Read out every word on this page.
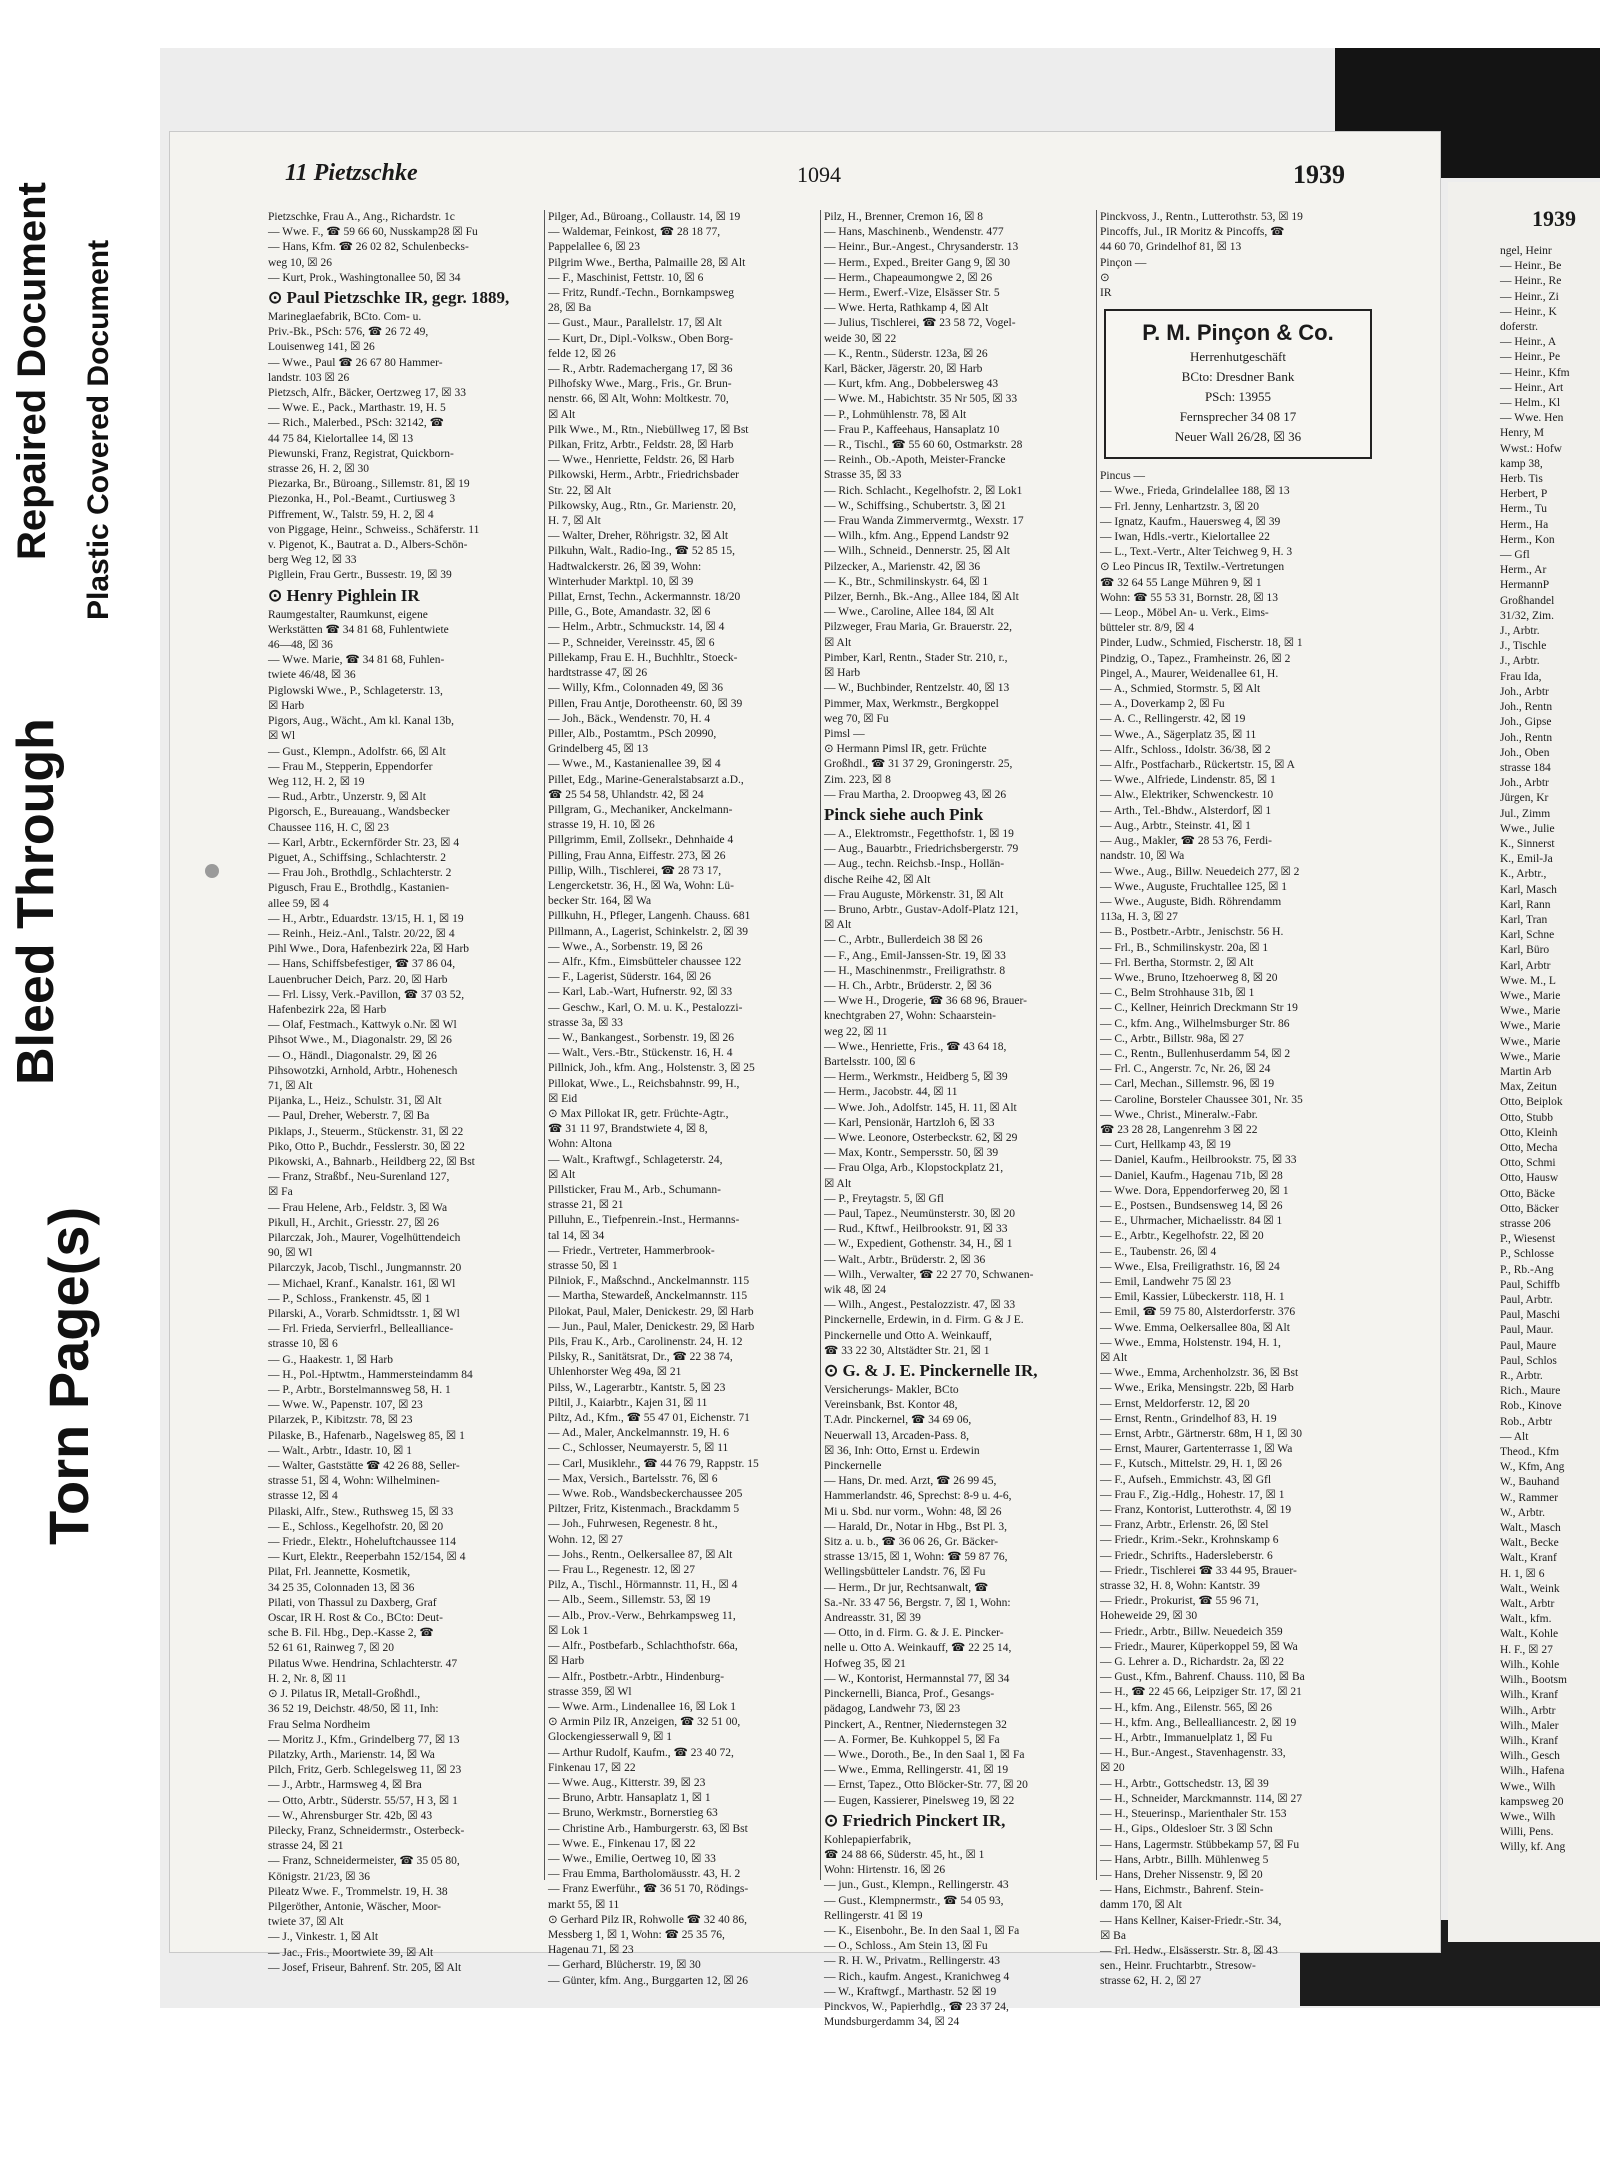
Plastic Covered Document
Repaired Document
Bleed Through
Torn Page(s)
1939

ngel, Heinr

— Heinr., Be

— Heinr., Re

— Heinr., Zi

— Heinr., K

doferstr.

— Heinr., A

— Heinr., Pe

— Heinr., Kfm

— Heinr., Art

— Helm., Kl

— Wwe. Hen

Henry, M

Wwst.: Hofw

kamp 38,

Herb. Tis

Herbert, P

Herm., Tu

Herm., Ha

Herm., Kon

— Gfl

Herm., Ar

HermannP

Großhandel

31/32, Zim.

J., Arbtr.

J., Tischle

J., Arbtr.

Frau Ida,

Joh., Arbtr

Joh., Rentn

Joh., Gipse

Joh., Rentn

Joh., Oben

strasse 184

Joh., Arbtr

Jürgen, Kr

Jul., Zimm

Wwe., Julie

K., Sinnerst

K., Emil-Ja

K., Arbtr.,

Karl, Masch

Karl, Rann

Karl, Tran

Karl, Schne

Karl, Büro

Karl, Arbtr

Wwe. M., L

Wwe., Marie

Wwe., Marie

Wwe., Marie

Wwe., Marie

Wwe., Marie

Martin Arb

Max, Zeitun

Otto, Beiplok

Otto, Stubb

Otto, Kleinh

Otto, Mecha

Otto, Schmi

Otto, Hausw

Otto, Bäcke

Otto, Bäcker

strasse 206

P., Wiesenst

P., Schlosse

P., Rb.-Ang

Paul, Schiffb

Paul, Arbtr.

Paul, Maschi

Paul, Maur.

Paul, Maure

Paul, Schlos

R., Arbtr.

Rich., Maure

Rob., Kinove

Rob., Arbtr

— Alt

Theod., Kfm

W., Kfm, Ang

W., Bauhand

W., Rammer

W., Arbtr.

Walt., Masch

Walt., Becke

Walt., Kranf

H. 1, ☒ 6

Walt., Weink

Walt., Arbtr

Walt., kfm.

Walt., Kohle

H. F., ☒ 27

Wilh., Kohle

Wilh., Bootsm

Wilh., Kranf

Wilh., Arbtr

Wilh., Maler

Wilh., Kranf

Wilh., Gesch

Wilh., Hafena

Wwe., Wilh

kampsweg 20

Wwe., Wilh

Willi, Pens.

Willy, kf. Ang

11 Pietzschke	1094	1939

Pietzschke, Frau A., Ang., Richardstr. 1c

— Wwe. F., ☎ 59 66 60, Nusskamp28 ☒ Fu

— Hans, Kfm. ☎ 26 02 82, Schulenbecks-

weg 10, ☒ 26

— Kurt, Prok., Washingtonallee 50, ☒ 34

⊙ Paul Pietzschke IR, gegr. 1889,

Marineglaefabrik, BCto. Com- u.

Priv.-Bk., PSch: 576, ☎ 26 72 49,

Louisenweg 141, ☒ 26

— Wwe., Paul ☎ 26 67 80 Hammer-

landstr. 103 ☒ 26

Pietzsch, Alfr., Bäcker, Oertzweg 17, ☒ 33

— Wwe. E., Pack., Marthastr. 19, H. 5

— Rich., Malerbed., PSch: 32142, ☎

44 75 84, Kielortallee 14, ☒ 13

Piewunski, Franz, Registrat, Quickborn-

strasse 26, H. 2, ☒ 30

Piezarka, Br., Büroang., Sillemstr. 81, ☒ 19

Piezonka, H., Pol.-Beamt., Curtiusweg 3

Piffrement, W., Talstr. 59, H. 2, ☒ 4

von Piggage, Heinr., Schweiss., Schäferstr. 11

v. Pigenot, K., Bautrat a. D., Albers-Schön-

berg Weg 12, ☒ 33

Pigllein, Frau Gertr., Bussestr. 19, ☒ 39

⊙ Henry Pighlein IR

Raumgestalter, Raumkunst, eigene

Werkstätten ☎ 34 81 68, Fuhlentwiete

46—48, ☒ 36

— Wwe. Marie, ☎ 34 81 68, Fuhlen-

twiete 46/48, ☒ 36

Piglowski Wwe., P., Schlageterstr. 13,

☒ Harb

Pigors, Aug., Wächt., Am kl. Kanal 13b,

☒ Wl

— Gust., Klempn., Adolfstr. 66, ☒ Alt

— Frau M., Stepperin, Eppendorfer

Weg 112, H. 2, ☒ 19

— Rud., Arbtr., Unzerstr. 9, ☒ Alt

Pigorsch, E., Bureauang., Wandsbecker

Chaussee 116, H. C, ☒ 23

— Karl, Arbtr., Eckernförder Str. 23, ☒ 4

Piguet, A., Schiffsing., Schlachterstr. 2

— Frau Joh., Brothdlg., Schlachterstr. 2

Pigusch, Frau E., Brothdlg., Kastanien-

allee 59, ☒ 4

— H., Arbtr., Eduardstr. 13/15, H. 1, ☒ 19

— Reinh., Heiz.-Anl., Talstr. 20/22, ☒ 4

Pihl Wwe., Dora, Hafenbezirk 22a, ☒ Harb

— Hans, Schiffsbefestiger, ☎ 37 86 04,

Lauenbrucher Deich, Parz. 20, ☒ Harb

— Frl. Lissy, Verk.-Pavillon, ☎ 37 03 52,

Hafenbezirk 22a, ☒ Harb

— Olaf, Festmach., Kattwyk o.Nr. ☒ Wl

Pihsot Wwe., M., Diagonalstr. 29, ☒ 26

— O., Händl., Diagonalstr. 29, ☒ 26

Pihsowotzki, Arnhold, Arbtr., Hohenesch

71, ☒ Alt

Pijanka, L., Heiz., Schulstr. 31, ☒ Alt

— Paul, Dreher, Weberstr. 7, ☒ Ba

Piklaps, J., Steuerm., Stückenstr. 31, ☒ 22

Piko, Otto P., Buchdr., Fesslerstr. 30, ☒ 22

Pikowski, A., Bahnarb., Heildberg 22, ☒ Bst

— Franz, Straßbf., Neu-Surenland 127,

☒ Fa

— Frau Helene, Arb., Feldstr. 3, ☒ Wa

Pikull, H., Archit., Griesstr. 27, ☒ 26

Pilarczak, Joh., Maurer, Vogelhüttendeich

90, ☒ Wl

Pilarczyk, Jacob, Tischl., Jungmannstr. 20

— Michael, Kranf., Kanalstr. 161, ☒ Wl

— P., Schloss., Frankenstr. 45, ☒ 1

Pilarski, A., Vorarb. Schmidtsstr. 1, ☒ Wl

— Frl. Frieda, Servierfrl., Bellealliance-

strasse 10, ☒ 6

— G., Haakestr. 1, ☒ Harb

— H., Pol.-Hptwtm., Hammersteindamm 84

— P., Arbtr., Borstelmannsweg 58, H. 1

— Wwe. W., Papenstr. 107, ☒ 23

Pilarzek, P., Kibitzstr. 78, ☒ 23

Pilaske, B., Hafenarb., Nagelsweg 85, ☒ 1

— Walt., Arbtr., Idastr. 10, ☒ 1

— Walter, Gaststätte ☎ 42 26 88, Seller-

strasse 51, ☒ 4, Wohn: Wilhelminen-

strasse 12, ☒ 4

Pilaski, Alfr., Stew., Ruthsweg 15, ☒ 33

— E., Schloss., Kegelhofstr. 20, ☒ 20

— Friedr., Elektr., Hoheluftchaussee 114

— Kurt, Elektr., Reeperbahn 152/154, ☒ 4

Pilat, Frl. Jeannette, Kosmetik,

34 25 35, Colonnaden 13, ☒ 36

Pilati, von Thassul zu Daxberg, Graf

Oscar, IR H. Rost & Co., BCto: Deut-

sche B. Fil. Hbg., Dep.-Kasse 2, ☎

52 61 61, Rainweg 7, ☒ 20

Pilatus Wwe. Hendrina, Schlachterstr. 47

H. 2, Nr. 8, ☒ 11

⊙ J. Pilatus IR, Metall-Großhdl.,

36 52 19, Deichstr. 48/50, ☒ 11, Inh:

Frau Selma Nordheim

— Moritz J., Kfm., Grindelberg 77, ☒ 13

Pilatzky, Arth., Marienstr. 14, ☒ Wa

Pilch, Fritz, Gerb. Schlegelsweg 11, ☒ 23

— J., Arbtr., Harmsweg 4, ☒ Bra

— Otto, Arbtr., Süderstr. 55/57, H 3, ☒ 1

— W., Ahrensburger Str. 42b, ☒ 43

Pilecky, Franz, Schneidermstr., Osterbeck-

strasse 24, ☒ 21

— Franz, Schneidermeister, ☎ 35 05 80,

Königstr. 21/23, ☒ 36

Pileatz Wwe. F., Trommelstr. 19, H. 38

Pilgeröther, Antonie, Wäscher, Moor-

twiete 37, ☒ Alt

— J., Vinkestr. 1, ☒ Alt

— Jac., Fris., Moortwiete 39, ☒ Alt

— Josef, Friseur, Bahrenf. Str. 205, ☒ Alt

Pilger, Ad., Büroang., Collaustr. 14, ☒ 19

— Waldemar, Feinkost, ☎ 28 18 77,

Pappelallee 6, ☒ 23

Pilgrim Wwe., Bertha, Palmaille 28, ☒ Alt

— F., Maschinist, Fettstr. 10, ☒ 6

— Fritz, Rundf.-Techn., Bornkampsweg

28, ☒ Ba

— Gust., Maur., Parallelstr. 17, ☒ Alt

— Kurt, Dr., Dipl.-Volksw., Oben Borg-

felde 12, ☒ 26

— R., Arbtr. Rademachergang 17, ☒ 36

Pilhofsky Wwe., Marg., Fris., Gr. Brun-

nenstr. 66, ☒ Alt, Wohn: Moltkestr. 70,

☒ Alt

Pilk Wwe., M., Rtn., Niebüllweg 17, ☒ Bst

Pilkan, Fritz, Arbtr., Feldstr. 28, ☒ Harb

— Wwe., Henriette, Feldstr. 26, ☒ Harb

Pilkowski, Herm., Arbtr., Friedrichsbader

Str. 22, ☒ Alt

Pilkowsky, Aug., Rtn., Gr. Marienstr. 20,

H. 7, ☒ Alt

— Walter, Dreher, Röhrigstr. 32, ☒ Alt

Pilkuhn, Walt., Radio-Ing., ☎ 52 85 15,

Hadtwalckerstr. 26, ☒ 39, Wohn:

Winterhuder Marktpl. 10, ☒ 39

Pillat, Ernst, Techn., Ackermannstr. 18/20

Pille, G., Bote, Amandastr. 32, ☒ 6

— Helm., Arbtr., Schmuckstr. 14, ☒ 4

— P., Schneider, Vereinsstr. 45, ☒ 6

Pillekamp, Frau E. H., Buchhltr., Stoeck-

hardtstrasse 47, ☒ 26

— Willy, Kfm., Colonnaden 49, ☒ 36

Pillen, Frau Antje, Dorotheenstr. 60, ☒ 39

— Joh., Bäck., Wendenstr. 70, H. 4

Piller, Alb., Postamtm., PSch 20990,

Grindelberg 45, ☒ 13

— Wwe., M., Kastanienallee 39, ☒ 4

Pillet, Edg., Marine-Generalstabsarzt a.D.,

☎ 25 54 58, Uhlandstr. 42, ☒ 24

Pillgram, G., Mechaniker, Anckelmann-

strasse 19, H. 10, ☒ 26

Pillgrimm, Emil, Zollsekr., Dehnhaide 4

Pilling, Frau Anna, Eiffestr. 273, ☒ 26

Pillip, Wilh., Tischlerei, ☎ 28 73 17,

Lengercketstr. 36, H., ☒ Wa, Wohn: Lü-

becker Str. 164, ☒ Wa

Pillkuhn, H., Pfleger, Langenh. Chauss. 681

Pillmann, A., Lagerist, Schinkelstr. 2, ☒ 39

— Wwe., A., Sorbenstr. 19, ☒ 26

— Alfr., Kfm., Eimsbütteler chaussee 122

— F., Lagerist, Süderstr. 164, ☒ 26

— Karl, Lab.-Wart, Hufnerstr. 92, ☒ 33

— Geschw., Karl, O. M. u. K., Pestalozzi-

strasse 3a, ☒ 33

— W., Bankangest., Sorbenstr. 19, ☒ 26

— Walt., Vers.-Btr., Stückenstr. 16, H. 4

Pillnick, Joh., kfm. Ang., Holstenstr. 3, ☒ 25

Pillokat, Wwe., L., Reichsbahnstr. 99, H.,

☒ Eid

⊙ Max Pillokat IR, getr. Früchte-Agtr.,

☎ 31 11 97, Brandstwiete 4, ☒ 8,

Wohn: Altona

— Walt., Kraftwgf., Schlageterstr. 24,

☒ Alt

Pillsticker, Frau M., Arb., Schumann-

strasse 21, ☒ 21

Pilluhn, E., Tiefpenrein.-Inst., Hermanns-

tal 14, ☒ 34

— Friedr., Vertreter, Hammerbrook-

strasse 50, ☒ 1

Pilniok, F., Maßschnd., Anckelmannstr. 115

— Martha, Stewardeß, Anckelmannstr. 115

Pilokat, Paul, Maler, Denickestr. 29, ☒ Harb

— Jun., Paul, Maler, Denickestr. 29, ☒ Harb

Pils, Frau K., Arb., Carolinenstr. 24, H. 12

Pilsky, R., Sanitätsrat, Dr., ☎ 22 38 74,

Uhlenhorster Weg 49a, ☒ 21

Pilss, W., Lagerarbtr., Kantstr. 5, ☒ 23

Piltil, J., Kaiarbtr., Kajen 31, ☒ 11

Piltz, Ad., Kfm., ☎ 55 47 01, Eichenstr. 71

— Ad., Maler, Anckelmannstr. 19, H. 6

— C., Schlosser, Neumayerstr. 5, ☒ 11

— Carl, Musiklehr., ☎ 44 76 79, Rappstr. 15

— Max, Versich., Bartelsstr. 76, ☒ 6

— Wwe. Rob., Wandsbeckerchaussee 205

Piltzer, Fritz, Kistenmach., Brackdamm 5

— Joh., Fuhrwesen, Regenestr. 8 ht.,

Wohn. 12, ☒ 27

— Johs., Rentn., Oelkersallee 87, ☒ Alt

— Frau L., Regenestr. 12, ☒ 27

Pilz, A., Tischl., Hörmannstr. 11, H., ☒ 4

— Alb., Seem., Sillemstr. 53, ☒ 19

— Alb., Prov.-Verw., Behrkampsweg 11,

☒ Lok 1

— Alfr., Postbefarb., Schlachthofstr. 66a,

☒ Harb

— Alfr., Postbetr.-Arbtr., Hindenburg-

strasse 359, ☒ Wl

— Wwe. Arm., Lindenallee 16, ☒ Lok 1

⊙ Armin Pilz IR, Anzeigen, ☎ 32 51 00,

Glockengiesserwall 9, ☒ 1

— Arthur Rudolf, Kaufm., ☎ 23 40 72,

Finkenau 17, ☒ 22

— Wwe. Aug., Kitterstr. 39, ☒ 23

— Bruno, Arbtr. Hansaplatz 1, ☒ 1

— Bruno, Werkmstr., Bornerstieg 63

— Christine Arb., Hamburgerstr. 63, ☒ Bst

— Wwe. E., Finkenau 17, ☒ 22

— Wwe., Emilie, Oertweg 10, ☒ 33

— Frau Emma, Bartholomäusstr. 43, H. 2

— Franz Ewerführ., ☎ 36 51 70, Rödings-

markt 55, ☒ 11

⊙ Gerhard Pilz IR, Rohwolle ☎ 32 40 86,

Messberg 1, ☒ 1, Wohn: ☎ 25 35 76,

Hagenau 71, ☒ 23

— Gerhard, Blücherstr. 19, ☒ 30

— Günter, kfm. Ang., Burggarten 12, ☒ 26

Pilz, H., Brenner, Cremon 16, ☒ 8

— Hans, Maschinenb., Wendenstr. 477

— Heinr., Bur.-Angest., Chrysanderstr. 13

— Herm., Exped., Breiter Gang 9, ☒ 30

— Herm., Chapeaumongwe 2, ☒ 26

— Herm., Ewerf.-Vize, Elsässer Str. 5

— Wwe. Herta, Rathkamp 4, ☒ Alt

— Julius, Tischlerei, ☎ 23 58 72, Vogel-

weide 30, ☒ 22

— K., Rentn., Süderstr. 123a, ☒ 26

Karl, Bäcker, Jägerstr. 20, ☒ Harb

— Kurt, kfm. Ang., Dobbelersweg 43

— Wwe. M., Habichtstr. 35 Nr 505, ☒ 33

— P., Lohmühlenstr. 78, ☒ Alt

— Frau P., Kaffeehaus, Hansaplatz 10

— R., Tischl., ☎ 55 60 60, Ostmarkstr. 28

— Reinh., Ob.-Apoth, Meister-Francke

Strasse 35, ☒ 33

— Rich. Schlacht., Kegelhofstr. 2, ☒ Lok1

— W., Schiffsing., Schubertstr. 3, ☒ 21

— Frau Wanda Zimmervermtg., Wexstr. 17

— Wilh., kfm. Ang., Eppend Landstr 92

— Wilh., Schneid., Dennerstr. 25, ☒ Alt

Pilzecker, A., Marienstr. 42, ☒ 36

— K., Btr., Schmilinskystr. 64, ☒ 1

Pilzer, Bernh., Bk.-Ang., Allee 184, ☒ Alt

— Wwe., Caroline, Allee 184, ☒ Alt

Pilzweger, Frau Maria, Gr. Brauerstr. 22,

☒ Alt

Pimber, Karl, Rentn., Stader Str. 210, r.,

☒ Harb

— W., Buchbinder, Rentzelstr. 40, ☒ 13

Pimmer, Max, Werkmstr., Bergkoppel

weg 70, ☒ Fu

Pimsl —

⊙ Hermann Pimsl IR, getr. Früchte

Großhdl., ☎ 31 37 29, Groningerstr. 25,

Zim. 223, ☒ 8

— Frau Martha, 2. Droopweg 43, ☒ 26

Pinck siehe auch Pink

— A., Elektromstr., Fegetthofstr. 1, ☒ 19

— Aug., Bauarbtr., Friedrichsbergerstr. 79

— Aug., techn. Reichsb.-Insp., Hollän-

dische Reihe 42, ☒ Alt

— Frau Auguste, Mörkenstr. 31, ☒ Alt

— Bruno, Arbtr., Gustav-Adolf-Platz 121,

☒ Alt

— C., Arbtr., Bullerdeich 38 ☒ 26

— F., Ang., Emil-Janssen-Str. 19, ☒ 33

— H., Maschinenmstr., Freiligrathstr. 8

— H. Ch., Arbtr., Brüderstr. 2, ☒ 36

— Wwe H., Drogerie, ☎ 36 68 96, Brauer-

knechtgraben 27, Wohn: Schaarstein-

weg 22, ☒ 11

— Wwe., Henriette, Fris., ☎ 43 64 18,

Bartelsstr. 100, ☒ 6

— Herm., Werkmstr., Heidberg 5, ☒ 39

— Herm., Jacobstr. 44, ☒ 11

— Wwe. Joh., Adolfstr. 145, H. 11, ☒ Alt

— Karl, Pensionär, Hartzloh 6, ☒ 33

— Wwe. Leonore, Osterbeckstr. 62, ☒ 29

— Max, Kontr., Sempersstr. 50, ☒ 39

— Frau Olga, Arb., Klopstockplatz 21,

☒ Alt

— P., Freytagstr. 5, ☒ Gfl

— Paul, Tapez., Neumünsterstr. 30, ☒ 20

— Rud., Kftwf., Heilbrookstr. 91, ☒ 33

— W., Expedient, Gothenstr. 34, H., ☒ 1

— Walt., Arbtr., Brüderstr. 2, ☒ 36

— Wilh., Verwalter, ☎ 22 27 70, Schwanen-

wik 48, ☒ 24

— Wilh., Angest., Pestalozzistr. 47, ☒ 33

Pinckernelle, Erdewin, in d. Firm. G & J E.

Pinckernelle und Otto A. Weinkauff,

☎ 33 22 30, Altstädter Str. 21, ☒ 1

⊙ G. & J. E. Pinckernelle IR,

Versicherungs- Makler, BCto

Vereinsbank, Bst. Kontor 48,

T.Adr. Pinckernel, ☎ 34 69 06,

Neuerwall 13, Arcaden-Pass. 8,

☒ 36, Inh: Otto, Ernst u. Erdewin

Pinckernelle

— Hans, Dr. med. Arzt, ☎ 26 99 45,

Hammerlandstr. 46, Sprechst: 8-9 u. 4-6,

Mi u. Sbd. nur vorm., Wohn: 48, ☒ 26

— Harald, Dr., Notar in Hbg., Bst Pl. 3,

Sitz a. u. b., ☎ 36 06 26, Gr. Bäcker-

strasse 13/15, ☒ 1, Wohn: ☎ 59 87 76,

Wellingsbütteler Landstr. 76, ☒ Fu

— Herm., Dr jur, Rechtsanwalt, ☎

Sa.-Nr. 33 47 56, Bergstr. 7, ☒ 1, Wohn:

Andreasstr. 31, ☒ 39

— Otto, in d. Firm. G. & J. E. Pincker-

nelle u. Otto A. Weinkauff, ☎ 22 25 14,

Hofweg 35, ☒ 21

— W., Kontorist, Hermannstal 77, ☒ 34

Pinckernelli, Bianca, Prof., Gesangs-

pädagog, Landwehr 73, ☒ 23

Pinckert, A., Rentner, Niedernstegen 32

— A. Former, Be. Kuhkoppel 5, ☒ Fa

— Wwe., Doroth., Be., In den Saal 1, ☒ Fa

— Wwe., Emma, Rellingerstr. 41, ☒ 19

— Ernst, Tapez., Otto Blöcker-Str. 77, ☒ 20

— Eugen, Kassierer, Pinelsweg 19, ☒ 22

⊙ Friedrich Pinckert IR,

Kohlepapierfabrik,

☎ 24 88 66, Süderstr. 45, ht., ☒ 1

Wohn: Hirtenstr. 16, ☒ 26

— jun., Gust., Klempn., Rellingerstr. 43

— Gust., Klempnermstr., ☎ 54 05 93,

Rellingerstr. 41 ☒ 19

— K., Eisenbohr., Be. In den Saal 1, ☒ Fa

— O., Schloss., Am Stein 13, ☒ Fu

— R. H. W., Privatm., Rellingerstr. 43

— Rich., kaufm. Angest., Kranichweg 4

— W., Kraftwgf., Marthastr. 52 ☒ 19

Pinckvos, W., Papierhdlg., ☎ 23 37 24,

Mundsburgerdamm 34, ☒ 24

Pinckvoss, J., Rentn., Lutterothstr. 53, ☒ 19

Pincoffs, Jul., IR Moritz & Pincoffs, ☎

44 60 70, Grindelhof 81, ☒ 13

Pinçon —

⊙

IR

P. M. Pinçon & Co.
Herrenhutgeschäft
BCto: Dresdner Bank
PSch: 13955
Fernsprecher 34 08 17
Neuer Wall 26/28, ☒ 36

Pincus —

— Wwe., Frieda, Grindelallee 188, ☒ 13

— Frl. Jenny, Lenhartzstr. 3, ☒ 20

— Ignatz, Kaufm., Hauersweg 4, ☒ 39

— Iwan, Hdls.-vertr., Kielortallee 22

— L., Text.-Vertr., Alter Teichweg 9, H. 3

⊙ Leo Pincus IR, Textilw.-Vertretungen

☎ 32 64 55 Lange Mühren 9, ☒ 1

Wohn: ☎ 55 53 31, Bornstr. 28, ☒ 13

— Leop., Möbel An- u. Verk., Eims-

bütteler str. 8/9, ☒ 4

Pinder, Ludw., Schmied, Fischerstr. 18, ☒ 1

Pindzig, O., Tapez., Framheinstr. 26, ☒ 2

Pingel, A., Maurer, Weidenallee 61, H.

— A., Schmied, Stormstr. 5, ☒ Alt

— A., Doverkamp 2, ☒ Fu

— A. C., Rellingerstr. 42, ☒ 19

— Wwe., A., Sägerplatz 35, ☒ 11

— Alfr., Schloss., Idolstr. 36/38, ☒ 2

— Alfr., Postfacharb., Rückertstr. 15, ☒ A

— Wwe., Alfriede, Lindenstr. 85, ☒ 1

— Alw., Elektriker, Schwenckestr. 10

— Arth., Tel.-Bhdw., Alsterdorf, ☒ 1

— Aug., Arbtr., Steinstr. 41, ☒ 1

— Aug., Makler, ☎ 28 53 76, Ferdi-

nandstr. 10, ☒ Wa

— Wwe., Aug., Billw. Neuedeich 277, ☒ 2

— Wwe., Auguste, Fruchtallee 125, ☒ 1

— Wwe., Auguste, Bidh. Röhrendamm

113a, H. 3, ☒ 27

— B., Postbetr.-Arbtr., Jenischstr. 56 H.

— Frl., B., Schmilinskystr. 20a, ☒ 1

— Frl. Bertha, Stormstr. 2, ☒ Alt

— Wwe., Bruno, Itzehoerweg 8, ☒ 20

— C., Belm Strohhause 31b, ☒ 1

— C., Kellner, Heinrich Dreckmann Str 19

— C., kfm. Ang., Wilhelmsburger Str. 86

— C., Arbtr., Billstr. 98a, ☒ 27

— C., Rentn., Bullenhuserdamm 54, ☒ 2

— Frl. C., Angerstr. 7c, Nr. 26, ☒ 24

— Carl, Mechan., Sillemstr. 96, ☒ 19

— Caroline, Borsteler Chaussee 301, Nr. 35

— Wwe., Christ., Mineralw.-Fabr.

☎ 23 28 28, Langenrehm 3 ☒ 22

— Curt, Hellkamp 43, ☒ 19

— Daniel, Kaufm., Heilbrookstr. 75, ☒ 33

— Daniel, Kaufm., Hagenau 71b, ☒ 28

— Wwe. Dora, Eppendorferweg 20, ☒ 1

— E., Postsen., Bundsensweg 14, ☒ 26

— E., Uhrmacher, Michaelisstr. 84 ☒ 1

— E., Arbtr., Kegelhofstr. 22, ☒ 20

— E., Taubenstr. 26, ☒ 4

— Wwe., Elsa, Freiligrathstr. 16, ☒ 24

— Emil, Landwehr 75 ☒ 23

— Emil, Kassier, Lübeckerstr. 118, H. 1

— Emil, ☎ 59 75 80, Alsterdorferstr. 376

— Wwe. Emma, Oelkersallee 80a, ☒ Alt

— Wwe., Emma, Holstenstr. 194, H. 1,

☒ Alt

— Wwe., Emma, Archenholzstr. 36, ☒ Bst

— Wwe., Erika, Mensingstr. 22b, ☒ Harb

— Ernst, Meldorferstr. 12, ☒ 20

— Ernst, Rentn., Grindelhof 83, H. 19

— Ernst, Arbtr., Gärtnerstr. 68m, H 1, ☒ 30

— Ernst, Maurer, Gartenterrasse 1, ☒ Wa

— F., Kutsch., Mittelstr. 29, H. 1, ☒ 26

— F., Aufseh., Emmichstr. 43, ☒ Gfl

— Frau F., Zig.-Hdlg., Hohestr. 17, ☒ 1

— Franz, Kontorist, Lutterothstr. 4, ☒ 19

— Franz, Arbtr., Erlenstr. 26, ☒ Stel

— Friedr., Krim.-Sekr., Krohnskamp 6

— Friedr., Schrifts., Hadersleberstr. 6

— Friedr., Tischlerei ☎ 33 44 95, Brauer-

strasse 32, H. 8, Wohn: Kantstr. 39

— Friedr., Prokurist, ☎ 55 96 71,

Hoheweide 29, ☒ 30

— Friedr., Arbtr., Billw. Neuedeich 359

— Friedr., Maurer, Küperkoppel 59, ☒ Wa

— G. Lehrer a. D., Richardstr. 2a, ☒ 22

— Gust., Kfm., Bahrenf. Chauss. 110, ☒ Ba

— H., ☎ 22 45 66, Leipziger Str. 17, ☒ 21

— H., kfm. Ang., Eilenstr. 565, ☒ 26

— H., kfm. Ang., Bellealliancestr. 2, ☒ 19

— H., Arbtr., Immanuelplatz 1, ☒ Fu

— H., Bur.-Angest., Stavenhagenstr. 33,

☒ 20

— H., Arbtr., Gottschedstr. 13, ☒ 39

— H., Schneider, Marckmannstr. 114, ☒ 27

— H., Steuerinsp., Marienthaler Str. 153

— H., Gips., Oldesloer Str. 3 ☒ Schn

— Hans, Lagermstr. Stübbekamp 57, ☒ Fu

— Hans, Arbtr., Billh. Mühlenweg 5

— Hans, Dreher Nissenstr. 9, ☒ 20

— Hans, Eichmstr., Bahrenf. Stein-

damm 170, ☒ Alt

— Hans Kellner, Kaiser-Friedr.-Str. 34,

☒ Ba

— Frl. Hedw., Elsässerstr. Str. 8, ☒ 43

sen., Heinr. Fruchtarbtr., Stresow-

strasse 62, H. 2, ☒ 27
